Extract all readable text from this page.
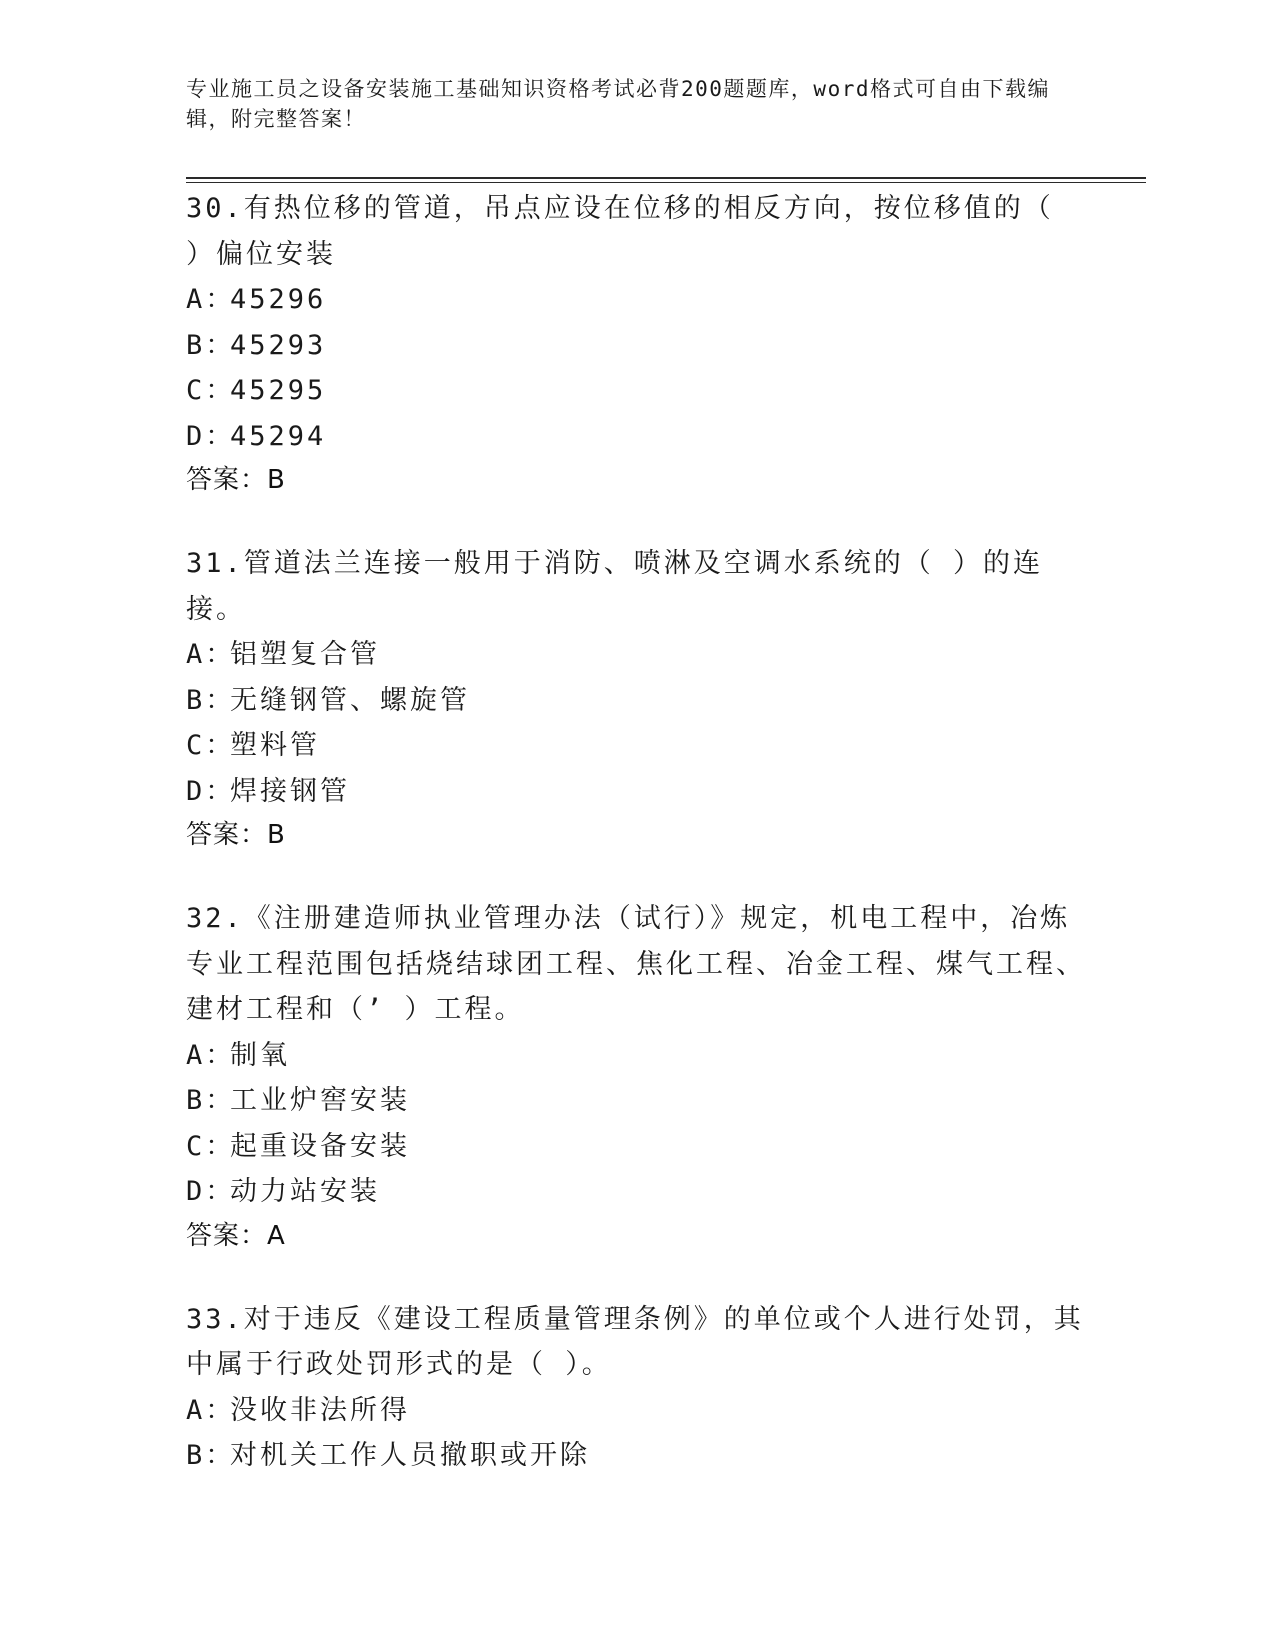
专业施工员之设备安装施工基础知识资格考试必背200题题库，word格式可自由下载编辑，附完整答案！

30.有热位移的管道，吊点应设在位移的相反方向，按位移值的（ ）偏位安装

A：45296
B：45293
C：45295
D：45294
答案：B

31.管道法兰连接一般用于消防、喷淋及空调水系统的（ ）的连接。

A：铝塑复合管
B：无缝钢管、螺旋管
C：塑料管
D：焊接钢管
答案：B

32.《注册建造师执业管理办法（试行）》规定，机电工程中，冶炼专业工程范围包括烧结球团工程、焦化工程、冶金工程、煤气工程、建材工程和（’ ）工程。

A：制氧
B：工业炉窖安装
C：起重设备安装
D：动力站安装
答案：A

33.对于违反《建设工程质量管理条例》的单位或个人进行处罚，其中属于行政处罚形式的是（ ）。

A：没收非法所得
B：对机关工作人员撤职或开除
